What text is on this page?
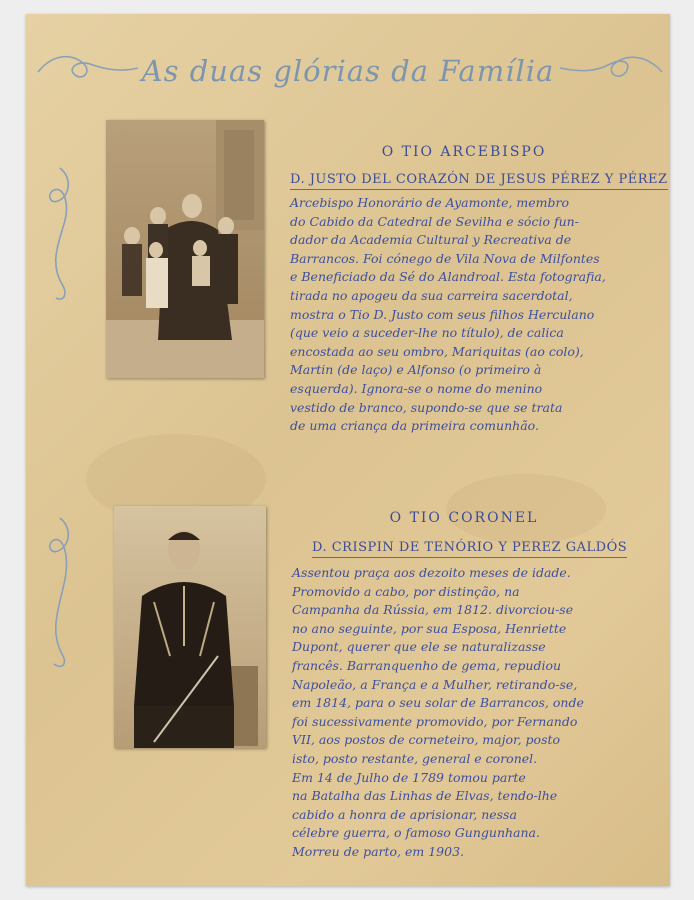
As duas glórias da Família
O TIO ARCEBISPO
D. JUSTO DEL CORAZÓN DE JESUS PÉREZ Y PÉREZ
Arcebispo Honorário de Ayamonte, membro
do Cabido da Catedral de Sevilha e sócio fun-
dador da Academia Cultural y Recreativa de
Barrancos. Foi cónego de Vila Nova de Milfontes
e Beneficiado da Sé do Alandroal. Esta fotografia,
tirada no apogeu da sua carreira sacerdotal,
mostra o Tio D. Justo com seus filhos Herculano
(que veio a suceder-lhe no título), de calica
encostada ao seu ombro, Mariquitas (ao colo),
Martin (de laço) e Alfonso (o primeiro à
esquerda). Ignora-se o nome do menino
vestido de branco, supondo-se que se trata
de uma criança da primeira comunhão.
O TIO CORONEL
D. CRISPIN DE TENÓRIO Y PEREZ GALDÓS
Assentou praça aos dezoito meses de idade.
Promovido a cabo, por distinção, na
Campanha da Rússia, em 1812. divorciou-se
no ano seguinte, por sua Esposa, Henriette
Dupont, querer que ele se naturalizasse
francês. Barranquenho de gema, repudiou
Napoleão, a França e a Mulher, retirando-se,
em 1814, para o seu solar de Barrancos, onde
foi sucessivamente promovido, por Fernando
VII, aos postos de corneteiro, major, posto
isto, posto restante, general e coronel.
Em 14 de Julho de 1789 tomou parte
na Batalha das Linhas de Elvas, tendo-lhe
cabido a honra de aprisionar, nessa
célebre guerra, o famoso Gungunhana.
Morreu de parto, em 1903.
